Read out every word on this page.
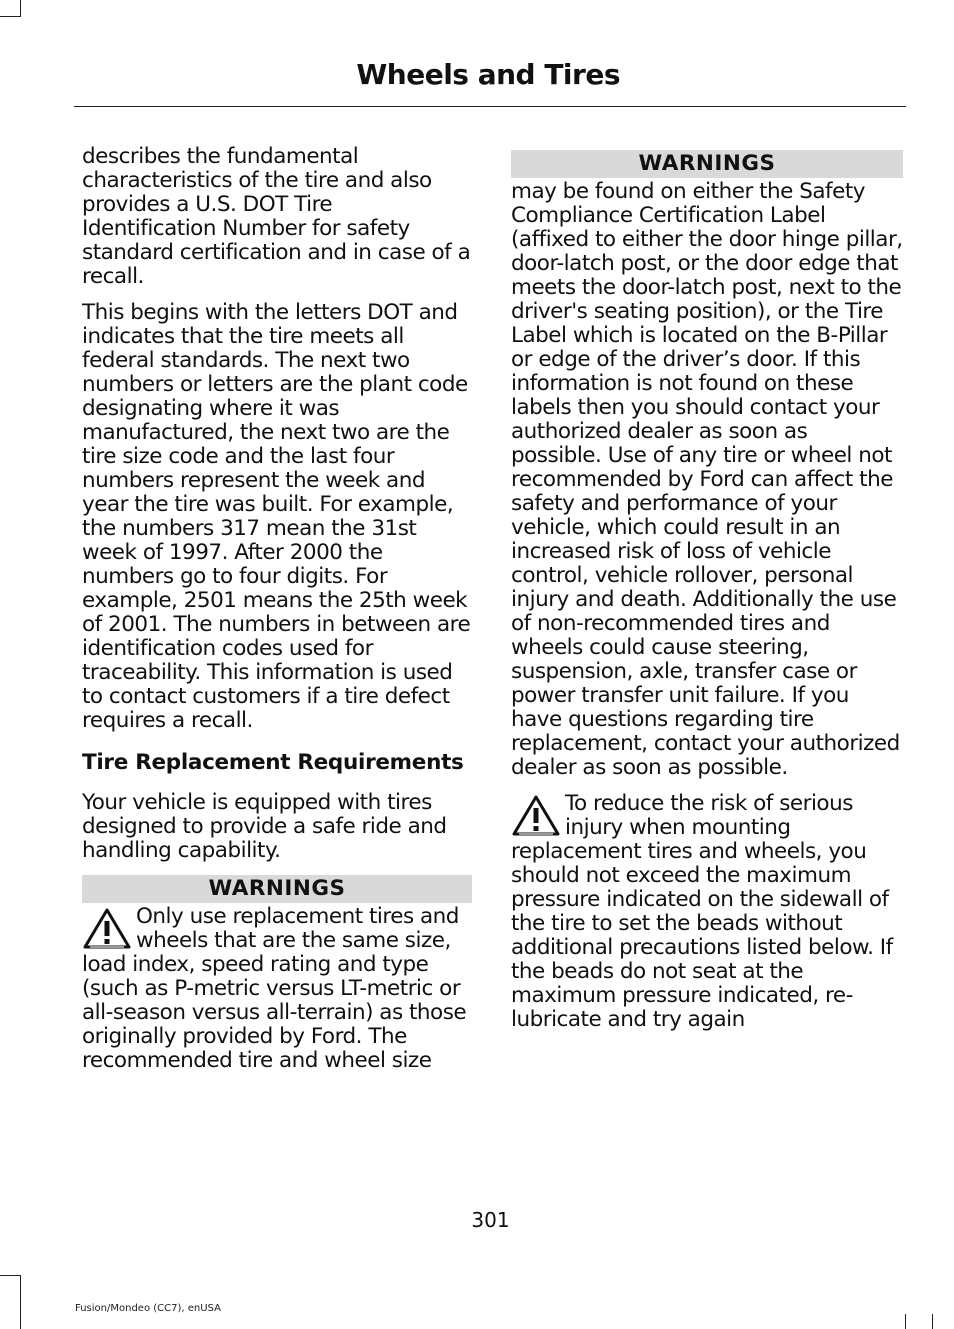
Wheels and Tires

describes the fundamental characteristics of the tire and also provides a U.S. DOT Tire Identification Number for safety standard certification and in case of a recall.

This begins with the letters DOT and indicates that the tire meets all federal standards. The next two numbers or letters are the plant code designating where it was manufactured, the next two are the tire size code and the last four numbers represent the week and year the tire was built. For example, the numbers 317 mean the 31st week of 1997. After 2000 the numbers go to four digits. For example, 2501 means the 25th week of 2001. The numbers in between are identification codes used for traceability. This information is used to contact customers if a tire defect requires a recall.

Tire Replacement Requirements

Your vehicle is equipped with tires designed to provide a safe ride and handling capability.

WARNINGS

Only use replacement tires and wheels that are the same size, load index, speed rating and type (such as P-metric versus LT-metric or all-season versus all-terrain) as those originally provided by Ford. The recommended tire and wheel size

WARNINGS

may be found on either the Safety Compliance Certification Label (affixed to either the door hinge pillar, door-latch post, or the door edge that meets the door-latch post, next to the driver's seating position), or the Tire Label which is located on the B-Pillar or edge of the driver’s door. If this information is not found on these labels then you should contact your authorized dealer as soon as possible. Use of any tire or wheel not recommended by Ford can affect the safety and performance of your vehicle, which could result in an increased risk of loss of vehicle control, vehicle rollover, personal injury and death. Additionally the use of non-recommended tires and wheels could cause steering, suspension, axle, transfer case or power transfer unit failure. If you have questions regarding tire replacement, contact your authorized dealer as soon as possible.

To reduce the risk of serious injury when mounting replacement tires and wheels, you should not exceed the maximum pressure indicated on the sidewall of the tire to set the beads without additional precautions listed below. If the beads do not seat at the maximum pressure indicated, re-lubricate and try again

301
Fusion/Mondeo (CC7), enUSA
